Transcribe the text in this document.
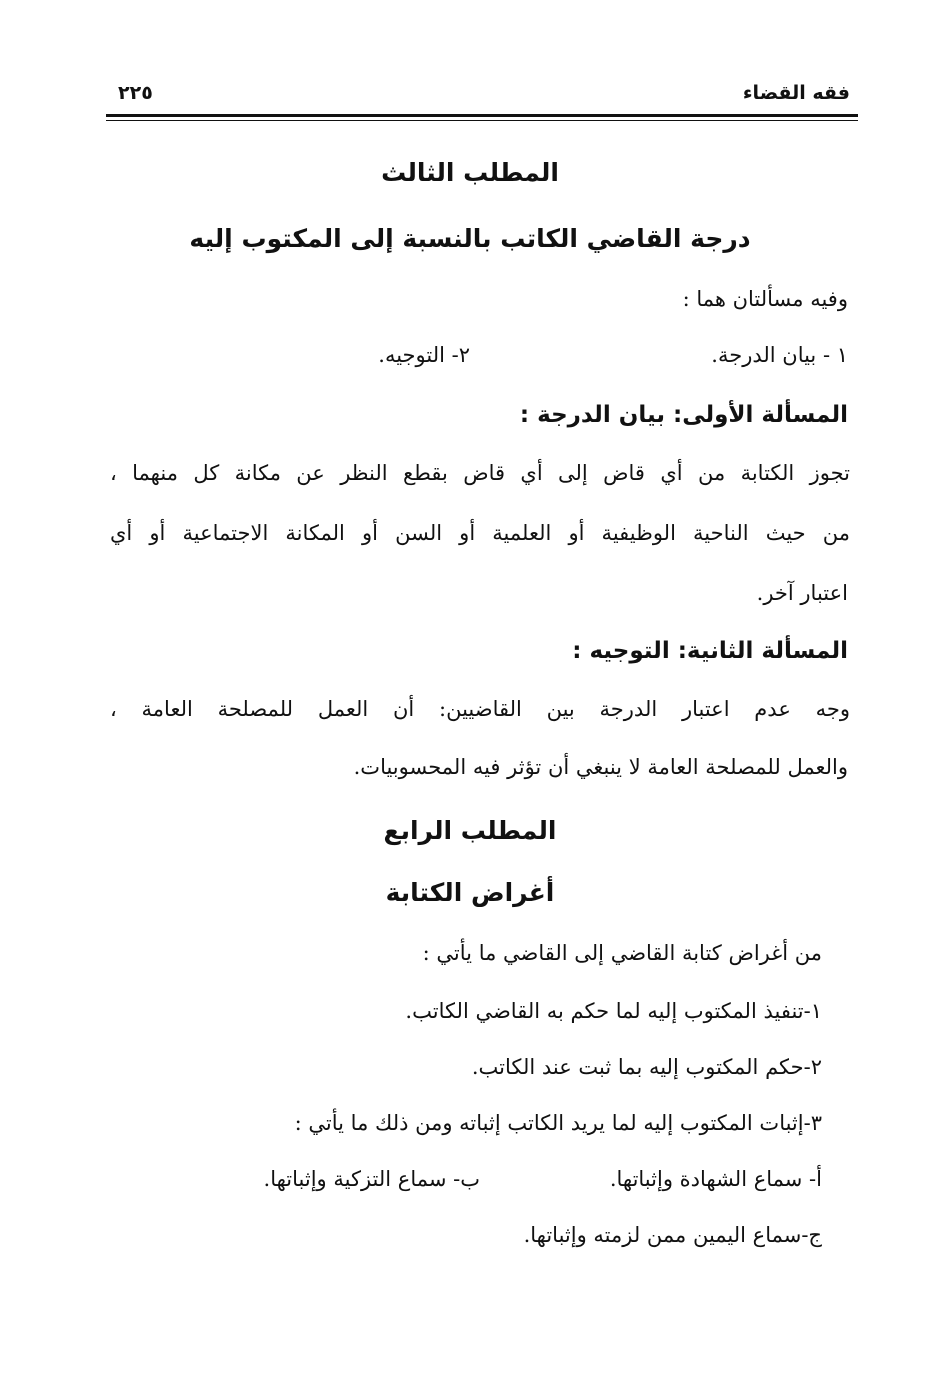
فقه القضاء
٢٢٥
المطلب الثالث
درجة القاضي الكاتب بالنسبة إلى المكتوب إليه
وفيه مسألتان هما :
١ - بيان الدرجة.
٢- التوجيه.
المسألة الأولى: بيان الدرجة :
تجوز الكتابة من أي قاض إلى أي قاض بقطع النظر عن مكانة كل منهما ،
من حيث الناحية الوظيفية أو العلمية أو السن أو المكانة الاجتماعية أو أي
اعتبار آخر.
المسألة الثانية: التوجيه :
وجه عدم اعتبار الدرجة بين القاضيين: أن العمل للمصلحة العامة ،
والعمل للمصلحة العامة لا ينبغي أن تؤثر فيه المحسوبيات.
المطلب الرابع
أغراض الكتابة
من أغراض كتابة القاضي إلى القاضي ما يأتي :
١-تنفيذ المكتوب إليه لما حكم به القاضي الكاتب.
٢-حكم المكتوب إليه بما ثبت عند الكاتب.
٣-إثبات المكتوب إليه لما يريد الكاتب إثباته ومن ذلك ما يأتي :
أ- سماع الشهادة وإثباتها.
ب- سماع التزكية وإثباتها.
ج-سماع اليمين ممن لزمته وإثباتها.
